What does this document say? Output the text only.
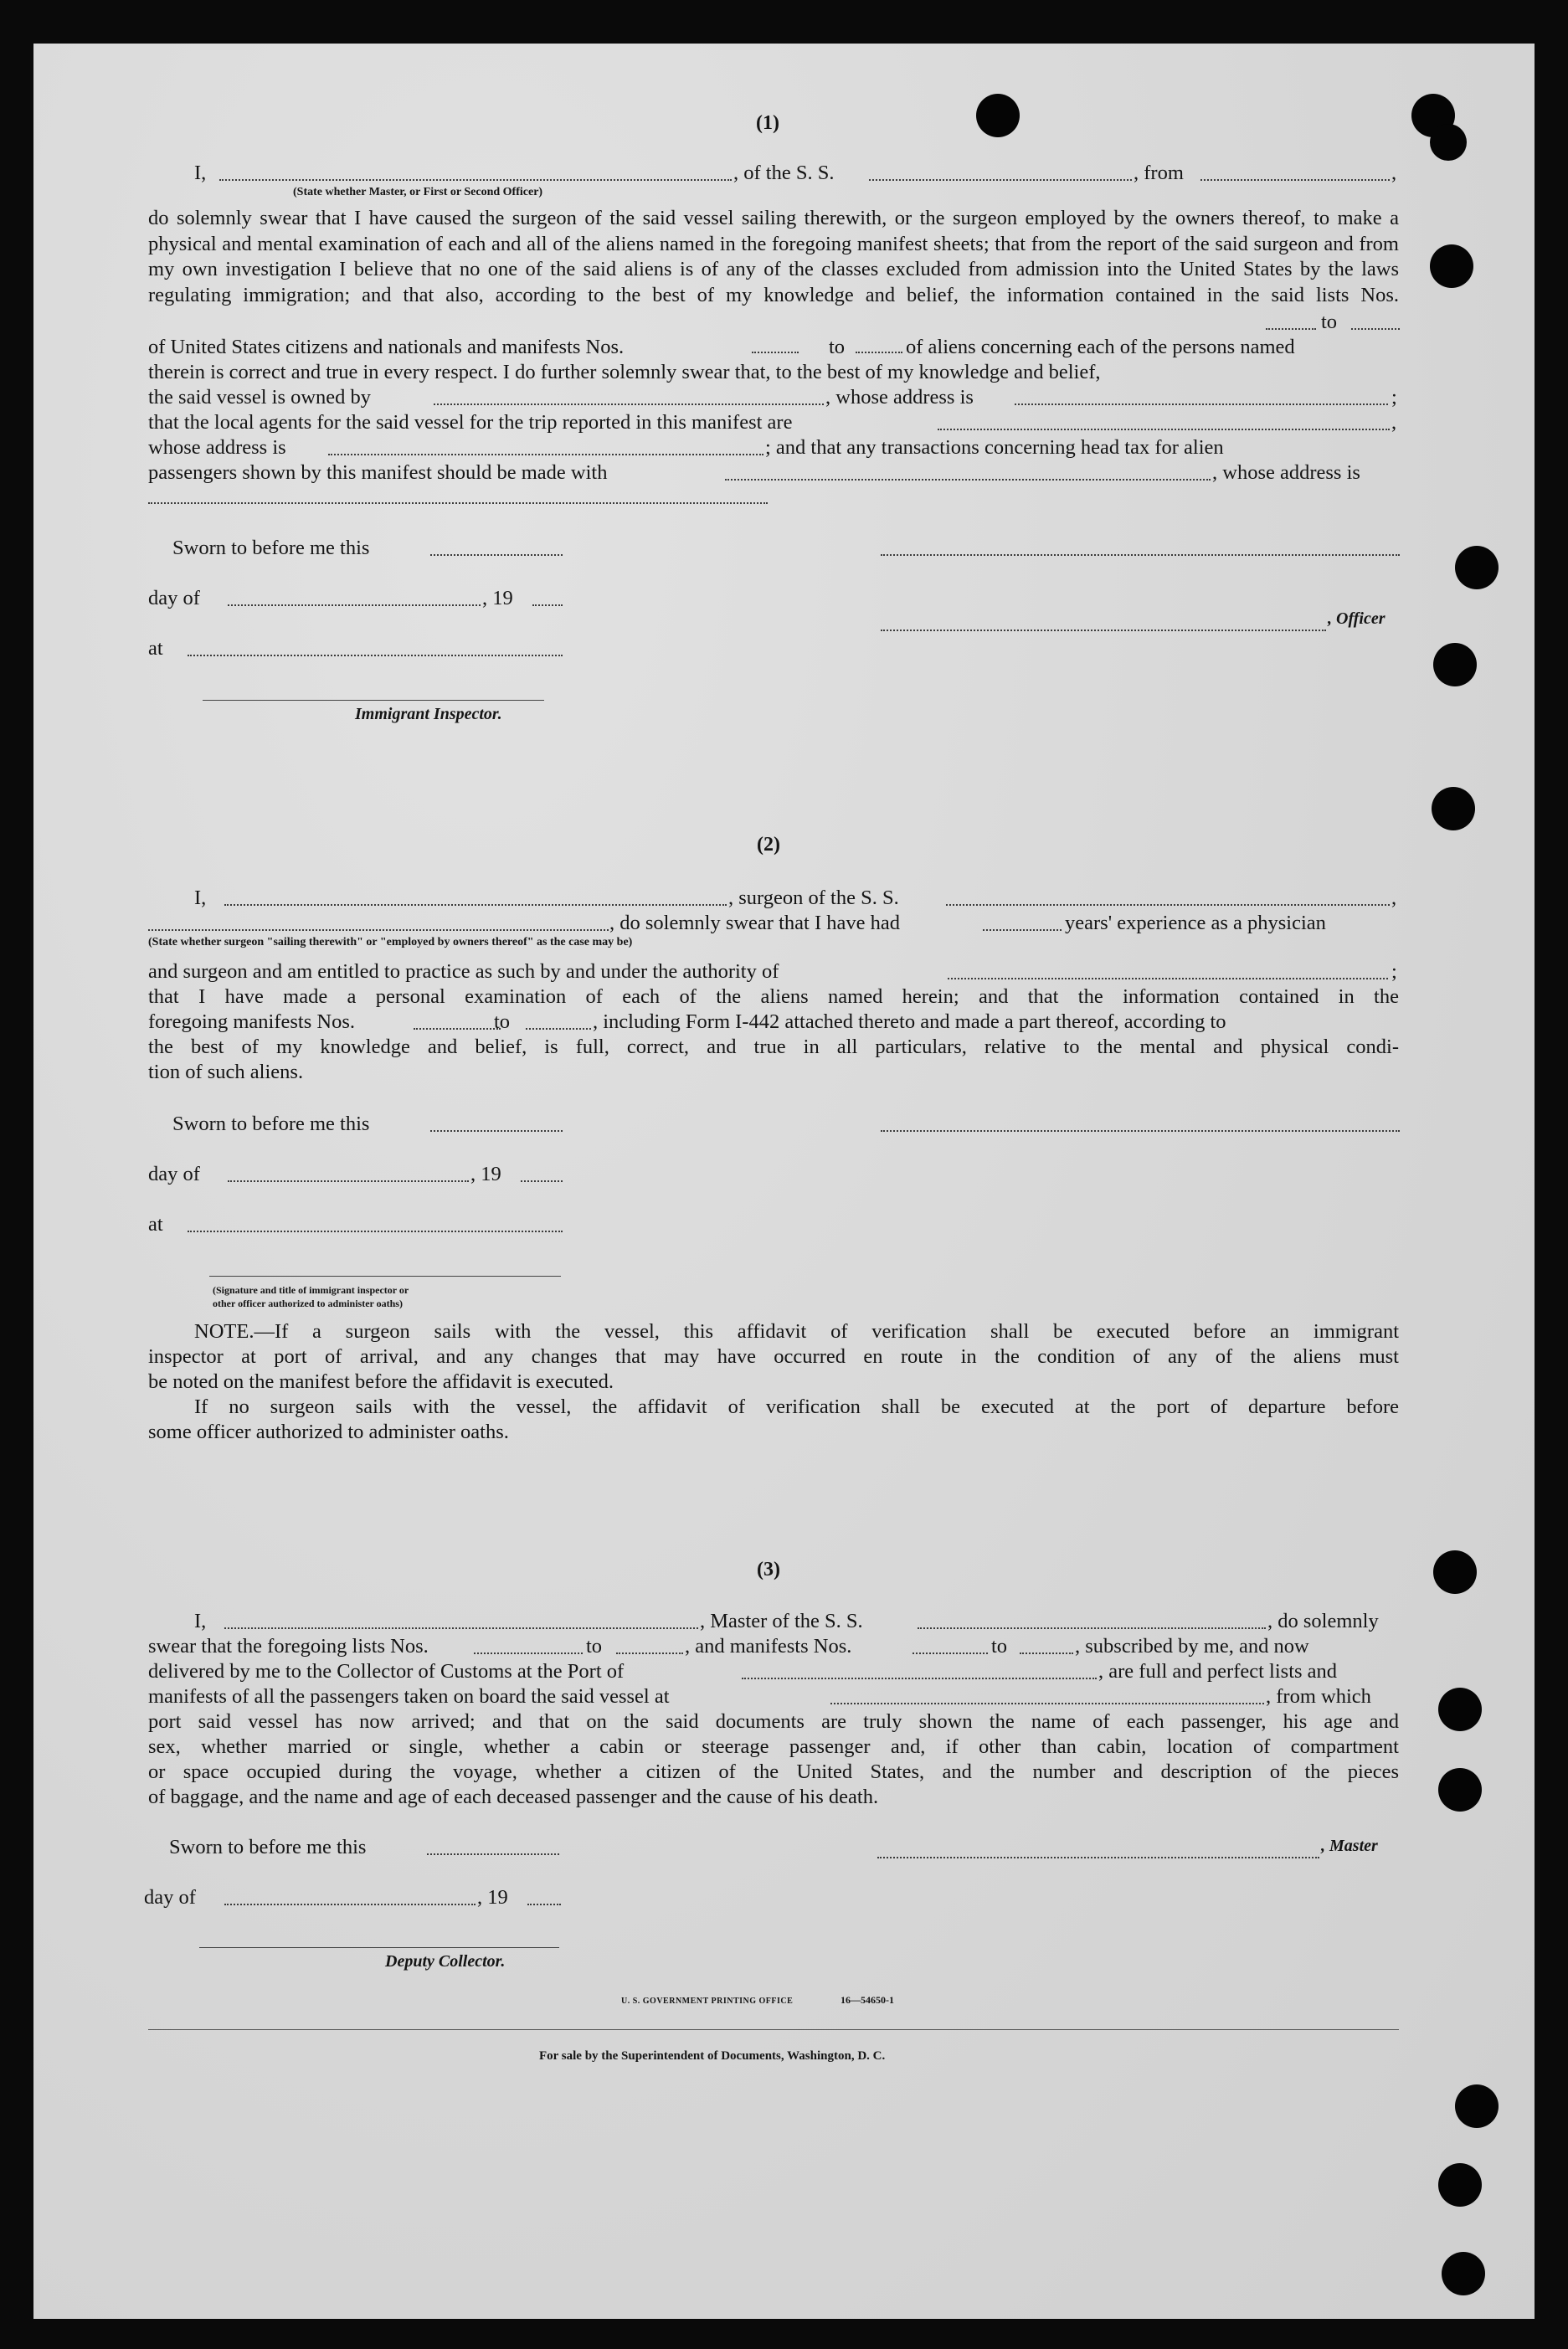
(1)
I,	, of the S. S.	, from	,
(State whether Master, or First or Second Officer)
do solemnly swear that I have caused the surgeon of the said vessel sailing therewith, or the surgeon employed by the owners thereof, to make a physical and mental examination of each and all of the aliens named in the foregoing manifest sheets; that from the report of the said surgeon and from my own investigation I believe that no one of the said aliens is of any of the classes excluded from admission into the United States by the laws regulating immigration; and that also, according to the best of my knowledge and belief, the information contained in the said lists Nos.
to
of United States citizens and nationals and manifests Nos.	to	of aliens concerning each of the persons named
therein is correct and true in every respect. I do further solemnly swear that, to the best of my knowledge and belief,
the said vessel is owned by	, whose address is	;
that the local agents for the said vessel for the trip reported in this manifest are	,
whose address is	; and that any transactions concerning head tax for alien
passengers shown by this manifest should be made with	, whose address is
Sworn to before me this
day of	, 19
, Officer
at
Immigrant Inspector.
(2)
I,	, surgeon of the S. S.	,
, do solemnly swear that I have had	years' experience as a physician
(State whether surgeon "sailing therewith" or "employed by owners thereof" as the case may be)
and surgeon and am entitled to practice as such by and under the authority of	;
that I have made a personal examination of each of the aliens named herein; and that the information contained in the
foregoing manifests Nos.	to	, including Form I-442 attached thereto and made a part thereof, according to
the best of my knowledge and belief, is full, correct, and true in all particulars, relative to the mental and physical condi-
tion of such aliens.
Sworn to before me this
day of	, 19
at
(Signature and title of immigrant inspector or
other officer authorized to administer oaths)
NOTE.—If a surgeon sails with the vessel, this affidavit of verification shall be executed before an immigrant
inspector at port of arrival, and any changes that may have occurred en route in the condition of any of the aliens must
be noted on the manifest before the affidavit is executed.
If no surgeon sails with the vessel, the affidavit of verification shall be executed at the port of departure before
some officer authorized to administer oaths.
(3)
I,	, Master of the S. S.	, do solemnly
swear that the foregoing lists Nos.	to	, and manifests Nos.	to	, subscribed by me, and now
delivered by me to the Collector of Customs at the Port of	, are full and perfect lists and
manifests of all the passengers taken on board the said vessel at	, from which
port said vessel has now arrived; and that on the said documents are truly shown the name of each passenger, his age and
sex, whether married or single, whether a cabin or steerage passenger and, if other than cabin, location of compartment
or space occupied during the voyage, whether a citizen of the United States, and the number and description of the pieces
of baggage, and the name and age of each deceased passenger and the cause of his death.
Sworn to before me this	, Master
day of	, 19
Deputy Collector.
U. S. GOVERNMENT PRINTING OFFICE	16—54650-1
For sale by the Superintendent of Documents, Washington, D. C.
